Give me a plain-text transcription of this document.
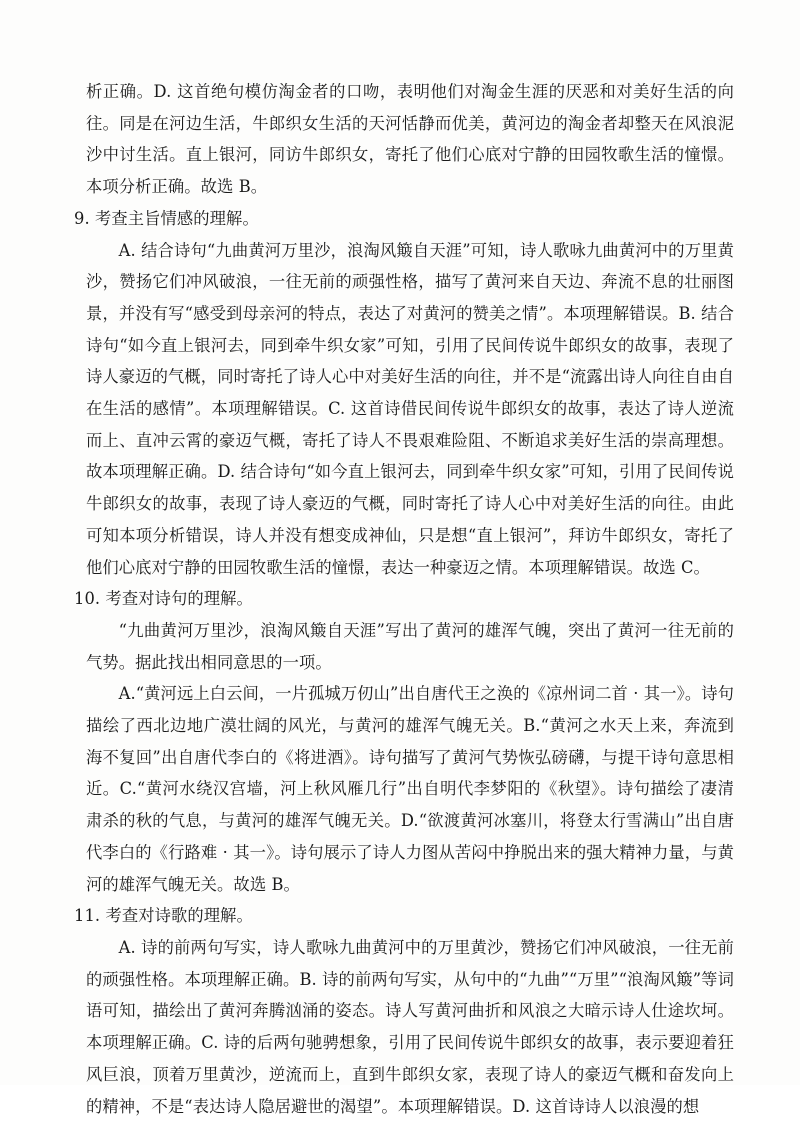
析正确。D. 这首绝句模仿淘金者的口吻，表明他们对淘金生涯的厌恶和对美好生活的向往。同是在河边生活，牛郎织女生活的天河恬静而优美，黄河边的淘金者却整天在风浪泥沙中讨生活。直上银河，同访牛郎织女，寄托了他们心底对宁静的田园牧歌生活的憧憬。本项分析正确。故选 B。

9. 考查主旨情感的理解。

A. 结合诗句“九曲黄河万里沙，浪淘风簸自天涯”可知，诗人歌咏九曲黄河中的万里黄沙，赞扬它们冲风破浪，一往无前的顽强性格，描写了黄河来自天边、奔流不息的壮丽图景，并没有写“感受到母亲河的特点，表达了对黄河的赞美之情”。本项理解错误。B. 结合诗句“如今直上银河去，同到牵牛织女家”可知，引用了民间传说牛郎织女的故事，表现了诗人豪迈的气概，同时寄托了诗人心中对美好生活的向往，并不是“流露出诗人向往自由自在生活的感情”。本项理解错误。C. 这首诗借民间传说牛郎织女的故事，表达了诗人逆流而上、直冲云霄的豪迈气概，寄托了诗人不畏艰难险阻、不断追求美好生活的崇高理想。故本项理解正确。D. 结合诗句“如今直上银河去，同到牵牛织女家”可知，引用了民间传说牛郎织女的故事，表现了诗人豪迈的气概，同时寄托了诗人心中对美好生活的向往。由此可知本项分析错误，诗人并没有想变成神仙，只是想“直上银河”，拜访牛郎织女，寄托了他们心底对宁静的田园牧歌生活的憧憬，表达一种豪迈之情。本项理解错误。故选 C。

10. 考查对诗句的理解。

“九曲黄河万里沙，浪淘风簸自天涯”写出了黄河的雄浑气魄，突出了黄河一往无前的气势。据此找出相同意思的一项。

A.“黄河远上白云间，一片孤城万仞山”出自唐代王之涣的《凉州词二首 · 其一》。诗句描绘了西北边地广漠壮阔的风光，与黄河的雄浑气魄无关。B.“黄河之水天上来，奔流到海不复回”出自唐代李白的《将进酒》。诗句描写了黄河气势恢弘磅礴，与提干诗句意思相近。C.“黄河水绕汉宫墙，河上秋风雁几行”出自明代李梦阳的《秋望》。诗句描绘了凄清肃杀的秋的气息，与黄河的雄浑气魄无关。D.“欲渡黄河冰塞川，将登太行雪满山”出自唐代李白的《行路难 · 其一》。诗句展示了诗人力图从苦闷中挣脱出来的强大精神力量，与黄河的雄浑气魄无关。故选 B。

11. 考查对诗歌的理解。

A. 诗的前两句写实，诗人歌咏九曲黄河中的万里黄沙，赞扬它们冲风破浪，一往无前的顽强性格。本项理解正确。B. 诗的前两句写实，从句中的“九曲”“万里”“浪淘风簸”等词语可知，描绘出了黄河奔腾汹涌的姿态。诗人写黄河曲折和风浪之大暗示诗人仕途坎坷。本项理解正确。C. 诗的后两句驰骋想象，引用了民间传说牛郎织女的故事，表示要迎着狂风巨浪，顶着万里黄沙，逆流而上，直到牛郎织女家，表现了诗人的豪迈气概和奋发向上的精神，不是“表达诗人隐居避世的渴望”。本项理解错误。D. 这首诗诗人以浪漫的想
